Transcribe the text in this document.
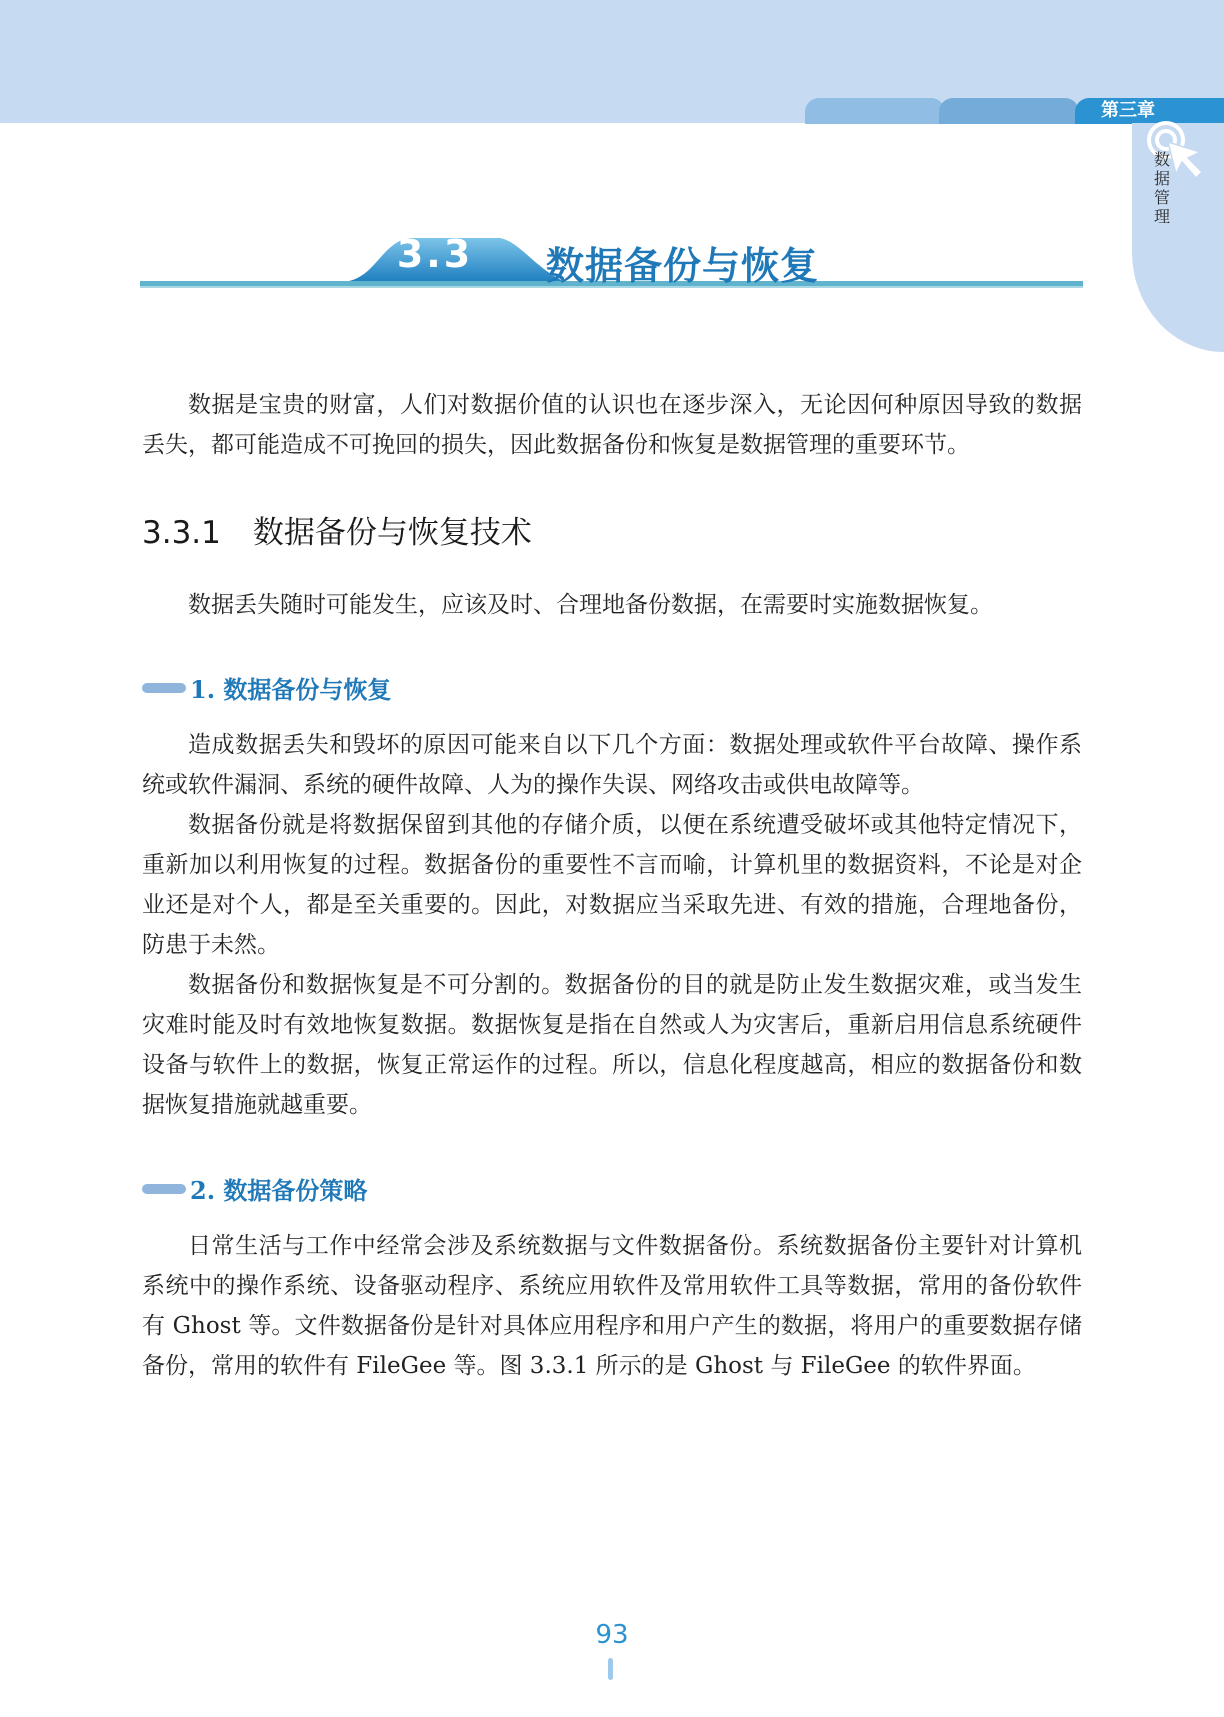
第三章
数据管理
3.3 数据备份与恢复

数据是宝贵的财富，人们对数据价值的认识也在逐步深入，无论因何种原因导致的数据丢失，都可能造成不可挽回的损失，因此数据备份和恢复是数据管理的重要环节。

3.3.1 数据备份与恢复技术

数据丢失随时可能发生，应该及时、合理地备份数据，在需要时实施数据恢复。

1. 数据备份与恢复

造成数据丢失和毁坏的原因可能来自以下几个方面：数据处理或软件平台故障、操作系统或软件漏洞、系统的硬件故障、人为的操作失误、网络攻击或供电故障等。

数据备份就是将数据保留到其他的存储介质，以便在系统遭受破坏或其他特定情况下，重新加以利用恢复的过程。数据备份的重要性不言而喻，计算机里的数据资料，不论是对企业还是对个人，都是至关重要的。因此，对数据应当采取先进、有效的措施，合理地备份，防患于未然。

数据备份和数据恢复是不可分割的。数据备份的目的就是防止发生数据灾难，或当发生灾难时能及时有效地恢复数据。数据恢复是指在自然或人为灾害后，重新启用信息系统硬件设备与软件上的数据，恢复正常运作的过程。所以，信息化程度越高，相应的数据备份和数据恢复措施就越重要。

2. 数据备份策略

日常生活与工作中经常会涉及系统数据与文件数据备份。系统数据备份主要针对计算机系统中的操作系统、设备驱动程序、系统应用软件及常用软件工具等数据，常用的备份软件有 Ghost 等。文件数据备份是针对具体应用程序和用户产生的数据，将用户的重要数据存储备份，常用的软件有 FileGee 等。图 3.3.1 所示的是 Ghost 与 FileGee 的软件界面。

93
